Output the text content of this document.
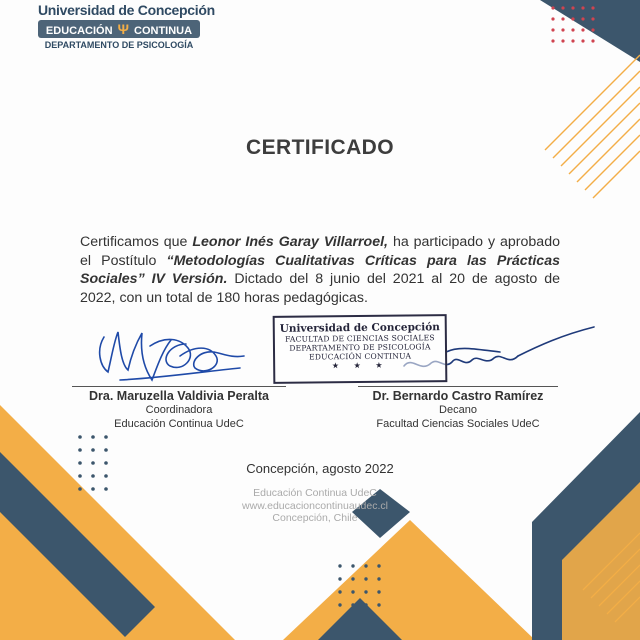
Universidad de Concepción
EDUCACIÓN Ψ CONTINUA
DEPARTAMENTO DE PSICOLOGÍA
CERTIFICADO
Certificamos que Leonor Inés Garay Villarroel, ha participado y aprobado el Postítulo “Metodologías Cualitativas Críticas para las Prácticas Sociales” IV Versión. Dictado del 8 junio del 2021 al 20 de agosto de 2022, con un total de 180 horas pedagógicas.
Universidad de Concepción
FACULTAD DE CIENCIAS SOCIALES
DEPARTAMENTO DE PSICOLOGÍA
EDUCACIÓN CONTINUA
★ ★ ★
Dra. Maruzella Valdivia Peralta
Coordinadora
Educación Continua UdeC
Dr. Bernardo Castro Ramírez
Decano
Facultad Ciencias Sociales UdeC
Concepción, agosto 2022
Educación Continua UdeC
www.educacioncontinuaudec.cl
Concepción, Chile
